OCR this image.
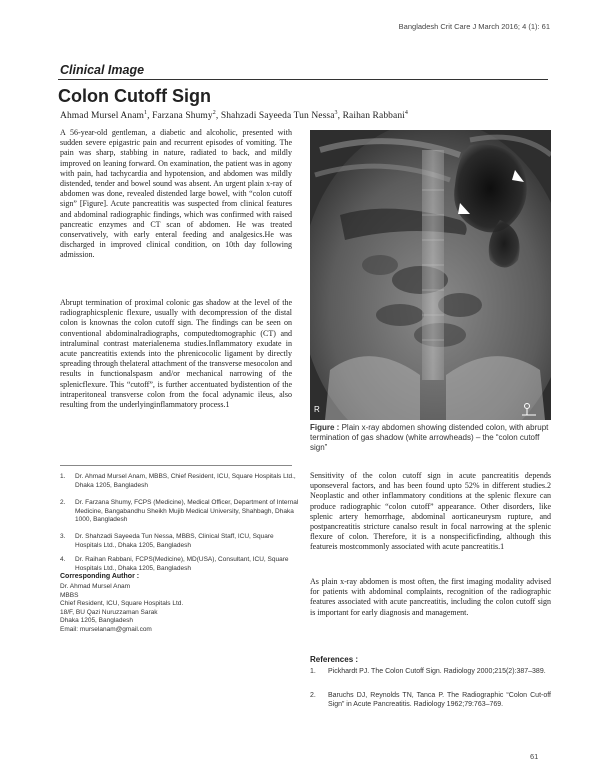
Bangladesh Crit Care J March 2016; 4 (1): 61
Clinical Image
Colon Cutoff Sign
Ahmad Mursel Anam$^1$, Farzana Shumy$^2$, Shahzadi Sayeeda Tun Nessa$^3$, Raihan Rabbani$^4$
A 56-year-old gentleman, a diabetic and alcoholic, presented with sudden severe epigastric pain and recurrent episodes of vomiting. The pain was sharp, stabbing in nature, radiated to back, and mildly improved on leaning forward. On examination, the patient was in agony with pain, had tachycardia and hypotension, and abdomen was mildly distended, tender and bowel sound was absent. An urgent plain x-ray of abdomen was done, revealed distended large bowel, with “colon cutoff sign” [Figure]. Acute pancreatitis was suspected from clinical features and abdominal radiographic findings, which was confirmed with raised pancreatic enzymes and CT scan of abdomen. He was treated conservatively, with early enteral feeding and analgesics.He was discharged in improved clinical condition, on 10th day following admission.
Abrupt termination of proximal colonic gas shadow at the level of the radiographicsplenic flexure, usually with decompression of the distal colon is knownas the colon cutoff sign. The findings can be seen on conventional abdominalradiographs, computedtomographic (CT) and intraluminal contrast materialenema studies.Inflammatory exudate in acute pancreatitis extends into the phrenicocolic ligament by directly spreading through thelateral attachment of the transverse mesocolon and results in functionalspasm and/or mechanical narrowing of the splenicflexure. This “cutoff”, is further accentuated bydistention of the intraperitoneal transverse colon from the focal adynamic ileus, also resulting from the underlyinginflammatory process.1
1. Dr. Ahmad Mursel Anam, MBBS, Chief Resident, ICU, Square Hospitals Ltd., Dhaka 1205, Bangladesh
2. Dr. Farzana Shumy, FCPS (Medicine), Medical Officer, Department of Internal Medicine, Bangabandhu Sheikh Mujib Medical University, Shahbagh, Dhaka 1000, Bangladesh
3. Dr. Shahzadi Sayeeda Tun Nessa, MBBS, Clinical Staff, ICU, Square Hospitals Ltd., Dhaka 1205, Bangladesh
4. Dr. Raihan Rabbani, FCPS(Medicine), MD(USA), Consultant, ICU, Square Hospitals Ltd., Dhaka 1205, Bangladesh
Corresponding Author :
Dr. Ahmad Mursel Anam
MBBS
Chief Resident, ICU, Square Hospitals Ltd.
18/F, BU Qazi Nuruzzaman Sarak
Dhaka 1205, Bangladesh
Email: murselanam@gmail.com
R
Figure : Plain x-ray abdomen showing distended colon, with abrupt termination of gas shadow (white arrowheads) – the “colon cutoff sign”
Sensitivity of the colon cutoff sign in acute pancreatitis depends uponseveral factors, and has been found upto 52% in different studies.2 Neoplastic and other inflammatory conditions at the splenic flexure can produce radiographic “colon cutoff” appearance. Other disorders, like splenic artery hemorrhage, abdominal aorticaneurysm rupture, and postpancreatitis stricture canalso result in focal narrowing at the splenic flexure of colon. Therefore, it is a nonspecificfinding, although this featureis mostcommonly associated with acute pancreatitis.1
As plain x-ray abdomen is most often, the first imaging modality advised for patients with abdominal complaints, recognition of the radiographic features associated with acute pancreatitis, including the colon cutoff sign is important for early diagnosis and management.
References :
1. Pickhardt PJ. The Colon Cutoff Sign. Radiology 2000;215(2):387–389.
2. Baruchs DJ, Reynolds TN, Tanca P. The Radiographic “Colon Cut-off Sign” in Acute Pancreatitis. Radiology 1962;79:763–769.
61
